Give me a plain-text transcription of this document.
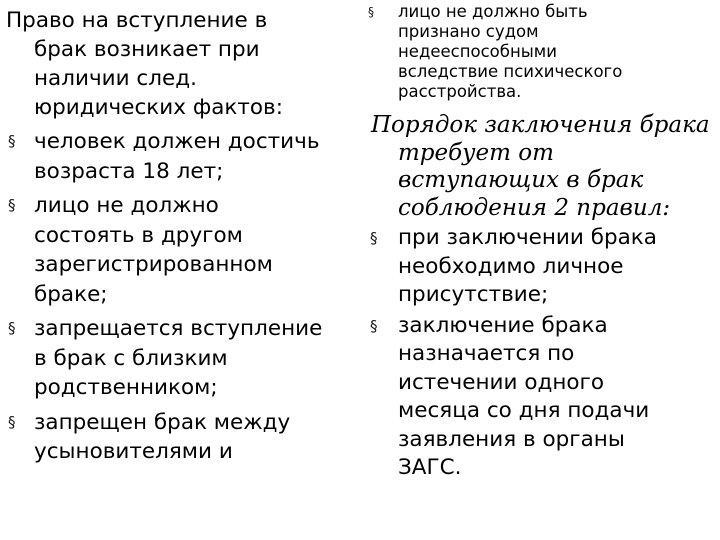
Право на вступление в
брак возникает при
наличии след.
юридических фактов:
§ человек должен достичь
возраста 18 лет;
§ лицо не должно
состоять в другом
зарегистрированном
браке;
§ запрещается вступление
в брак с близким
родственником;
§ запрещен брак между
усыновителями и
§ лицо не должно быть
признано судом
недееспособными
вследствие психического
расстройства.
Порядок заключения брака
требует от
вступающих в брак
соблюдения 2 правил:
§ при заключении брака
необходимо личное
присутствие;
§ заключение брака
назначается по
истечении одного
месяца со дня подачи
заявления в органы
ЗАГС.
